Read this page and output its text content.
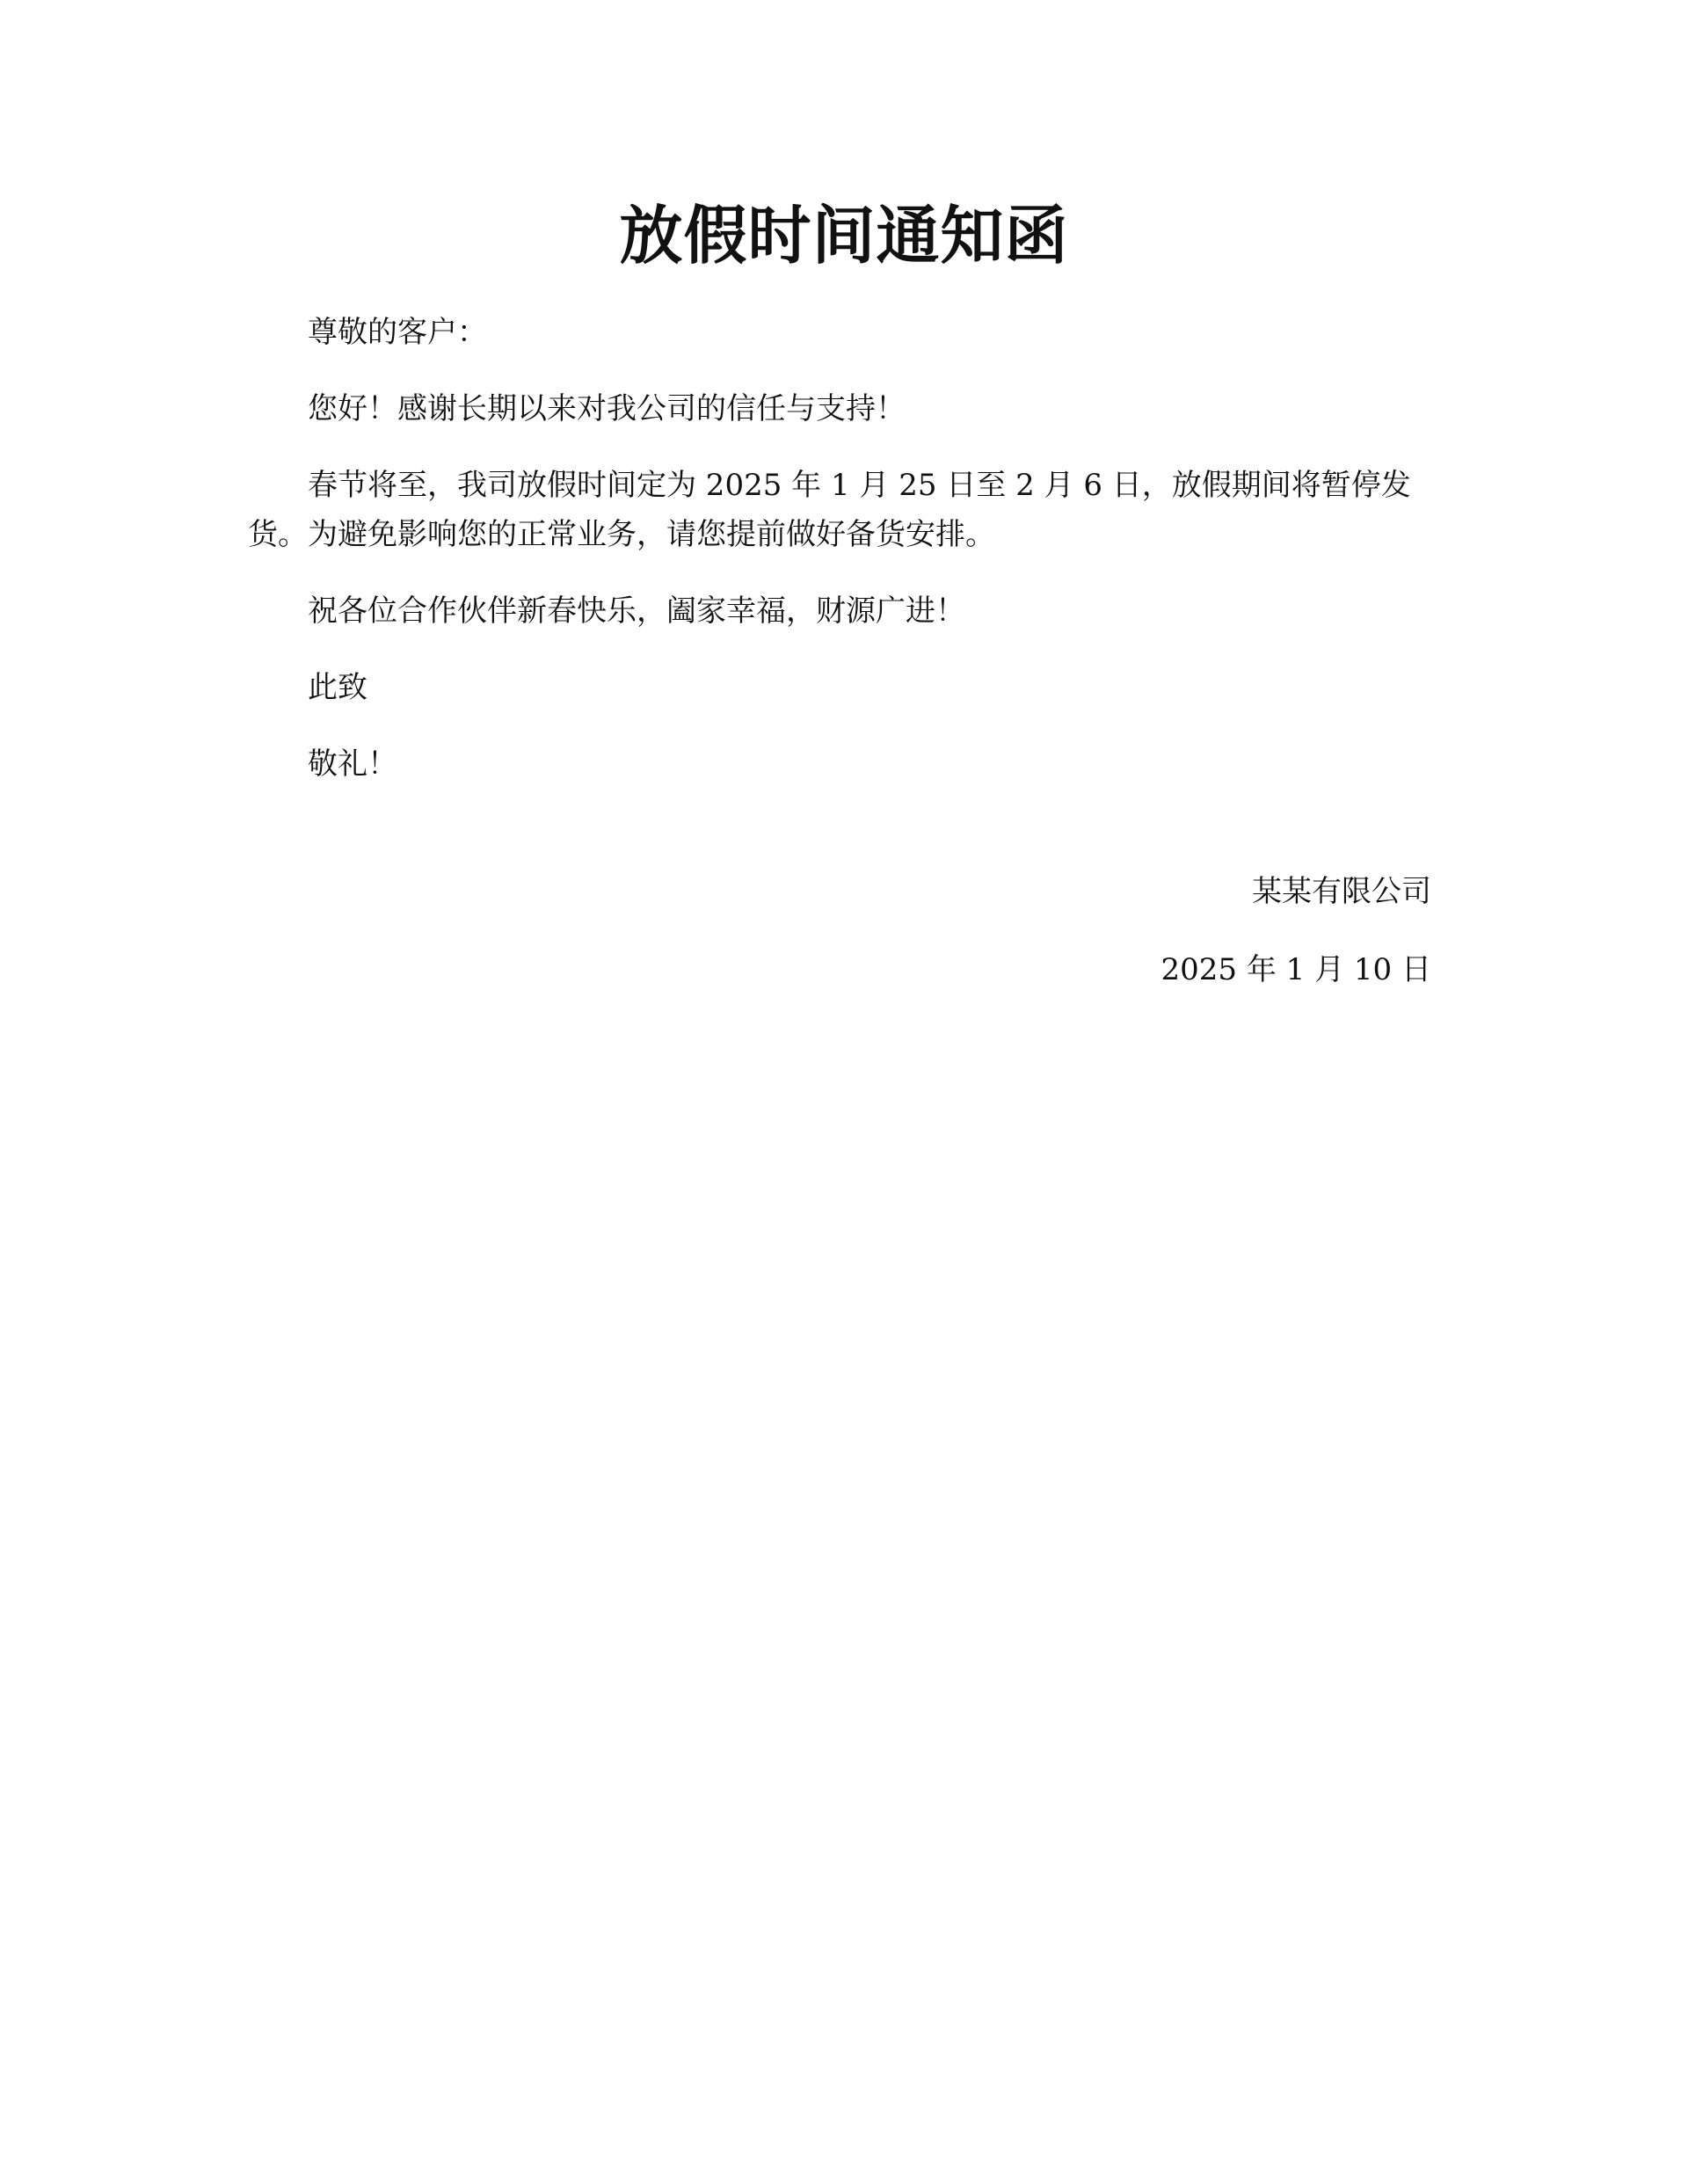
放假时间通知函

尊敬的客户：

您好！感谢长期以来对我公司的信任与支持！

春节将至，我司放假时间定为 2025 年 1 月 25 日至 2 月 6 日，放假期间将暂停发货。为避免影响您的正常业务，请您提前做好备货安排。

祝各位合作伙伴新春快乐，阖家幸福，财源广进！

此致

敬礼！

某某有限公司
2025 年 1 月 10 日
